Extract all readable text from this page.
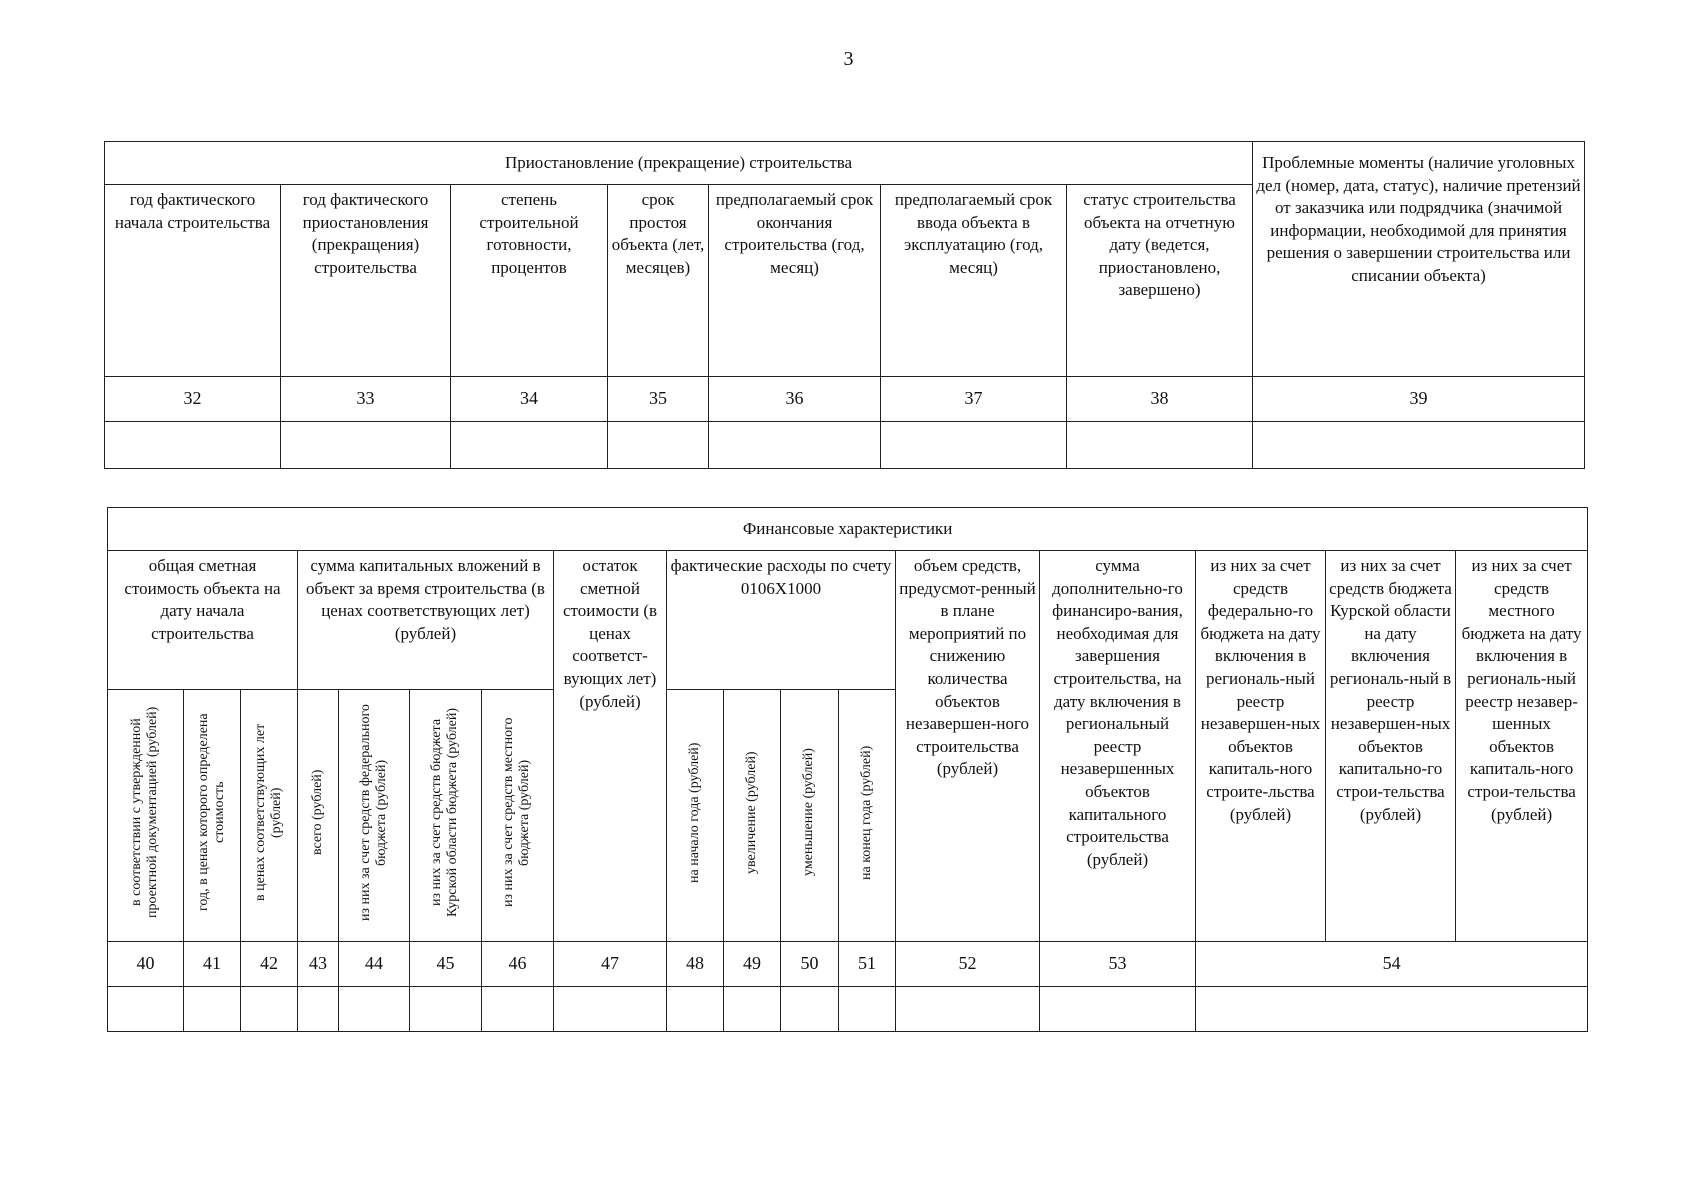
3
Приостановление (прекращение) строительства							Проблемные моменты (наличие уголовных дел (номер, дата, статус), наличие претензий от заказчика или подрядчика (значимой информации, необходимой для принятия решения о завершении строительства или списании объекта)
год фактического начала строительства	год фактического приостановления (прекращения) строительства	степень строительной готовности, процентов	срок простоя объекта (лет, месяцев)	предполагаемый срок окончания строительства (год, месяц)	предполагаемый срок ввода объекта в эксплуатацию (год, месяц)	статус строительства объекта на отчетную дату (ведется, приостановлено, завершено)	
32	33	34	35	36	37	38	39

Финансовые характеристики																
общая сметная стоимость объекта на дату начала строительства			сумма капитальных вложений в объект за время строительства (в ценах соответствующих лет) (рублей)				остаток сметной стоимости (в ценах соответст-вующих лет) (рублей)	фактические расходы по счету 0106Х1000				объем средств, предусмот-ренный в плане мероприятий по снижению количества объектов незавершен-ного строительства (рублей)	сумма дополнительно-го финансиро-вания, необходимая для завершения строительства, на дату включения в региональный реестр незавершенных объектов капитального строительства (рублей)	из них за счет средств федерально-го бюджета на дату включения в региональ-ный реестр незавершен-ных объектов капиталь-ного строите-льства (рублей)	из них за счет средств бюджета Курской области на дату включения региональ-ный в реестр незавершен-ных объектов капитально-го строи-тельства (рублей)	из них за счет средств местного бюджета на дату включения в региональ-ный реестр незавер-шенных объектов капиталь-ного строи-тельства (рублей)
в соответствии с утвержденной проектной документацией (рублей)	год, в ценах которого определена стоимость	в ценах соответствующих лет (рублей)	всего (рублей)	из них за счет средств федерального бюджета (рублей)	из них за счет средств бюджета Курской области бюджета (рублей)	из них за счет средств местного бюджета (рублей)		на начало года (рублей)	увеличение (рублей)	уменьшение (рублей)	на конец года (рублей)					
40	41	42	43	44	45	46	47	48	49	50	51	52	53	54		
